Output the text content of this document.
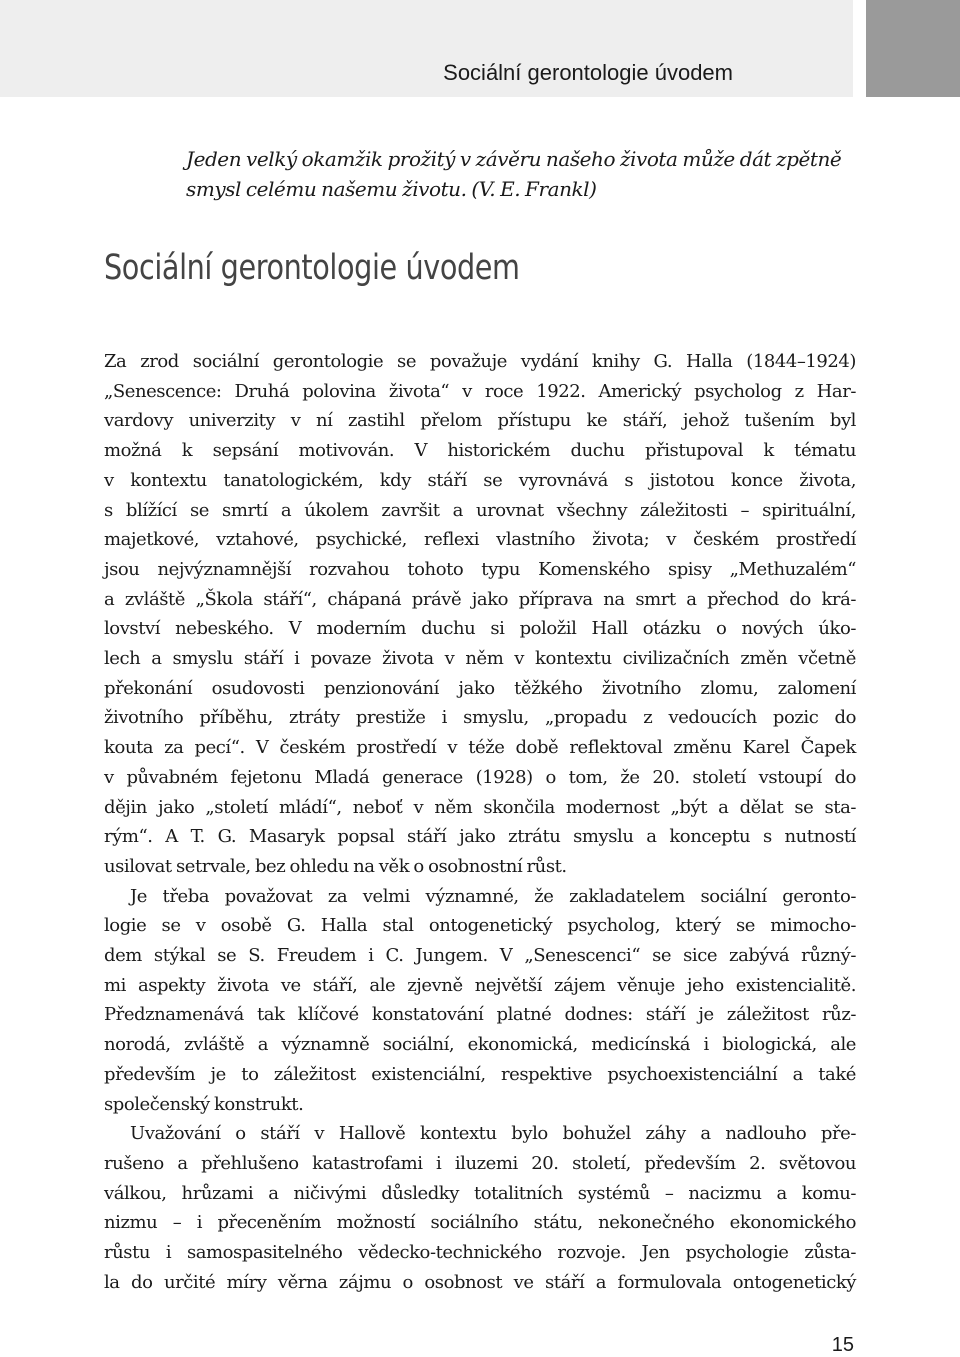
Sociální gerontologie úvodem
Jeden velký okamžik prožitý v závěru našeho života může dát zpětně
smysl celému našemu životu. (V. E. Frankl)
Sociální gerontologie úvodem
Za zrod sociální gerontologie se považuje vydání knihy G. Halla (1844–1924)
„Senescence: Druhá polovina života“ v roce 1922. Americký psycholog z Har-
vardovy univerzity v ní zastihl přelom přístupu ke stáří, jehož tušením byl
možná k sepsání motivován. V historickém duchu přistupoval k tématu
v kontextu tanatologickém, kdy stáří se vyrovnává s jistotou konce života,
s blížící se smrtí a úkolem završit a urovnat všechny záležitosti – spirituální,
majetkové, vztahové, psychické, reflexi vlastního života; v českém prostředí
jsou nejvýznamnější rozvahou tohoto typu Komenského spisy „Methuzalém“
a zvláště „Škola stáří“, chápaná právě jako příprava na smrt a přechod do krá-
lovství nebeského. V moderním duchu si položil Hall otázku o nových úko-
lech a smyslu stáří i povaze života v něm v kontextu civilizačních změn včetně
překonání osudovosti penzionování jako těžkého životního zlomu, zalomení
životního příběhu, ztráty prestiže i smyslu, „propadu z vedoucích pozic do
kouta za pecí“. V českém prostředí v téže době reflektoval změnu Karel Čapek
v půvabném fejetonu Mladá generace (1928) o tom, že 20. století vstoupí do
dějin jako „století mládí“, neboť v něm skončila modernost „být a dělat se sta-
rým“. A T. G. Masaryk popsal stáří jako ztrátu smyslu a konceptu s nutností
usilovat setrvale, bez ohledu na věk o osobnostní růst.
Je třeba považovat za velmi významné, že zakladatelem sociální geronto-
logie se v osobě G. Halla stal ontogenetický psycholog, který se mimocho-
dem stýkal se S. Freudem i C. Jungem. V „Senescenci“ se sice zabývá různý-
mi aspekty života ve stáří, ale zjevně největší zájem věnuje jeho existencialitě.
Předznamenává tak klíčové konstatování platné dodnes: stáří je záležitost růz-
norodá, zvláště a významně sociální, ekonomická, medicínská i biologická, ale
především je to záležitost existenciální, respektive psychoexistenciální a také
společenský konstrukt.
Uvažování o stáří v Hallově kontextu bylo bohužel záhy a nadlouho pře-
rušeno a přehlušeno katastrofami i iluzemi 20. století, především 2. světovou
válkou, hrůzami a ničivými důsledky totalitních systémů – nacizmu a komu-
nizmu – i přeceněním možností sociálního státu, nekonečného ekonomického
růstu i samospasitelného vědecko-technického rozvoje. Jen psychologie zůsta-
la do určité míry věrna zájmu o osobnost ve stáří a formulovala ontogenetický
15
